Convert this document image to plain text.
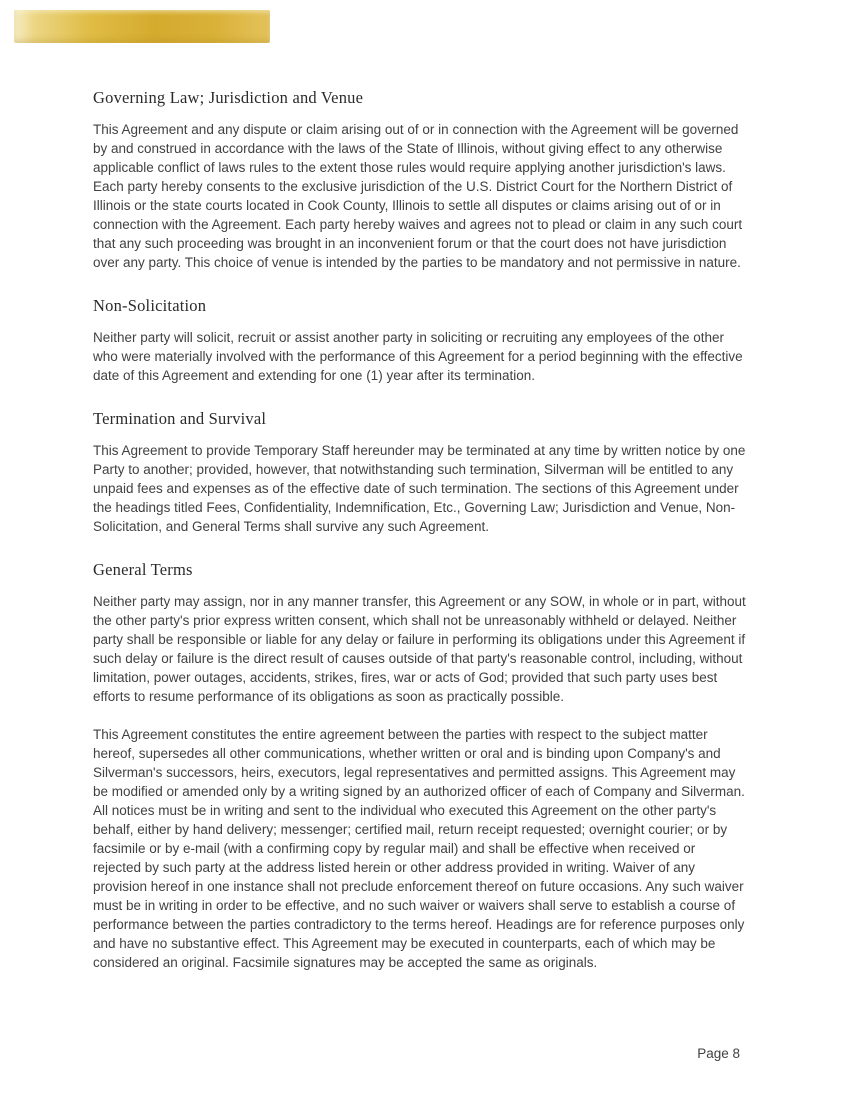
Governing Law; Jurisdiction and Venue

This Agreement and any dispute or claim arising out of or in connection with the Agreement will be governed by and construed in accordance with the laws of the State of Illinois, without giving effect to any otherwise applicable conflict of laws rules to the extent those rules would require applying another jurisdiction's laws. Each party hereby consents to the exclusive jurisdiction of the U.S. District Court for the Northern District of Illinois or the state courts located in Cook County, Illinois to settle all disputes or claims arising out of or in connection with the Agreement. Each party hereby waives and agrees not to plead or claim in any such court that any such proceeding was brought in an inconvenient forum or that the court does not have jurisdiction over any party. This choice of venue is intended by the parties to be mandatory and not permissive in nature.

Non-Solicitation

Neither party will solicit, recruit or assist another party in soliciting or recruiting any employees of the other who were materially involved with the performance of this Agreement for a period beginning with the effective date of this Agreement and extending for one (1) year after its termination.

Termination and Survival

This Agreement to provide Temporary Staff hereunder may be terminated at any time by written notice by one Party to another; provided, however, that notwithstanding such termination, Silverman will be entitled to any unpaid fees and expenses as of the effective date of such termination. The sections of this Agreement under the headings titled Fees, Confidentiality, Indemnification, Etc., Governing Law; Jurisdiction and Venue, Non-Solicitation, and General Terms shall survive any such Agreement.

General Terms

Neither party may assign, nor in any manner transfer, this Agreement or any SOW, in whole or in part, without the other party's prior express written consent, which shall not be unreasonably withheld or delayed. Neither party shall be responsible or liable for any delay or failure in performing its obligations under this Agreement if such delay or failure is the direct result of causes outside of that party's reasonable control, including, without limitation, power outages, accidents, strikes, fires, war or acts of God; provided that such party uses best efforts to resume performance of its obligations as soon as practically possible.

This Agreement constitutes the entire agreement between the parties with respect to the subject matter hereof, supersedes all other communications, whether written or oral and is binding upon Company's and Silverman's successors, heirs, executors, legal representatives and permitted assigns. This Agreement may be modified or amended only by a writing signed by an authorized officer of each of Company and Silverman. All notices must be in writing and sent to the individual who executed this Agreement on the other party's behalf, either by hand delivery; messenger; certified mail, return receipt requested; overnight courier; or by facsimile or by e-mail (with a confirming copy by regular mail) and shall be effective when received or rejected by such party at the address listed herein or other address provided in writing. Waiver of any provision hereof in one instance shall not preclude enforcement thereof on future occasions. Any such waiver must be in writing in order to be effective, and no such waiver or waivers shall serve to establish a course of performance between the parties contradictory to the terms hereof. Headings are for reference purposes only and have no substantive effect. This Agreement may be executed in counterparts, each of which may be considered an original. Facsimile signatures may be accepted the same as originals.

Page 8
